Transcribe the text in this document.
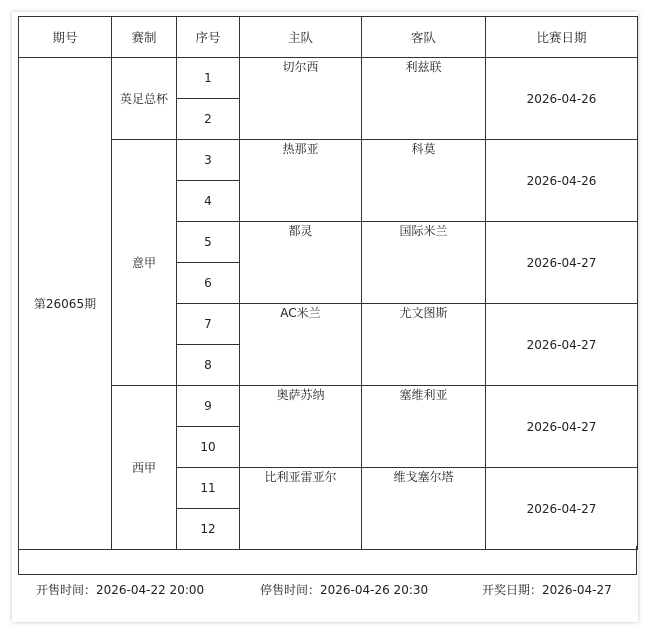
期号	赛制	序号	主队	客队	比赛日期
第26065期	英足总杯	1	切尔西	利兹联	2026-04-26
		2			
	意甲	3	热那亚	科莫	2026-04-26
		4			
		5	都灵	国际米兰	2026-04-27
		6			
		7	AC米兰	尤文图斯	2026-04-27
		8			
	西甲	9	奥萨苏纳	塞维利亚	2026-04-27
		10			
		11	比利亚雷亚尔	维戈塞尔塔	2026-04-27
		12			
开售时间：2026-04-22 20:00	停售时间：2026-04-26 20:30	开奖日期：2026-04-27
